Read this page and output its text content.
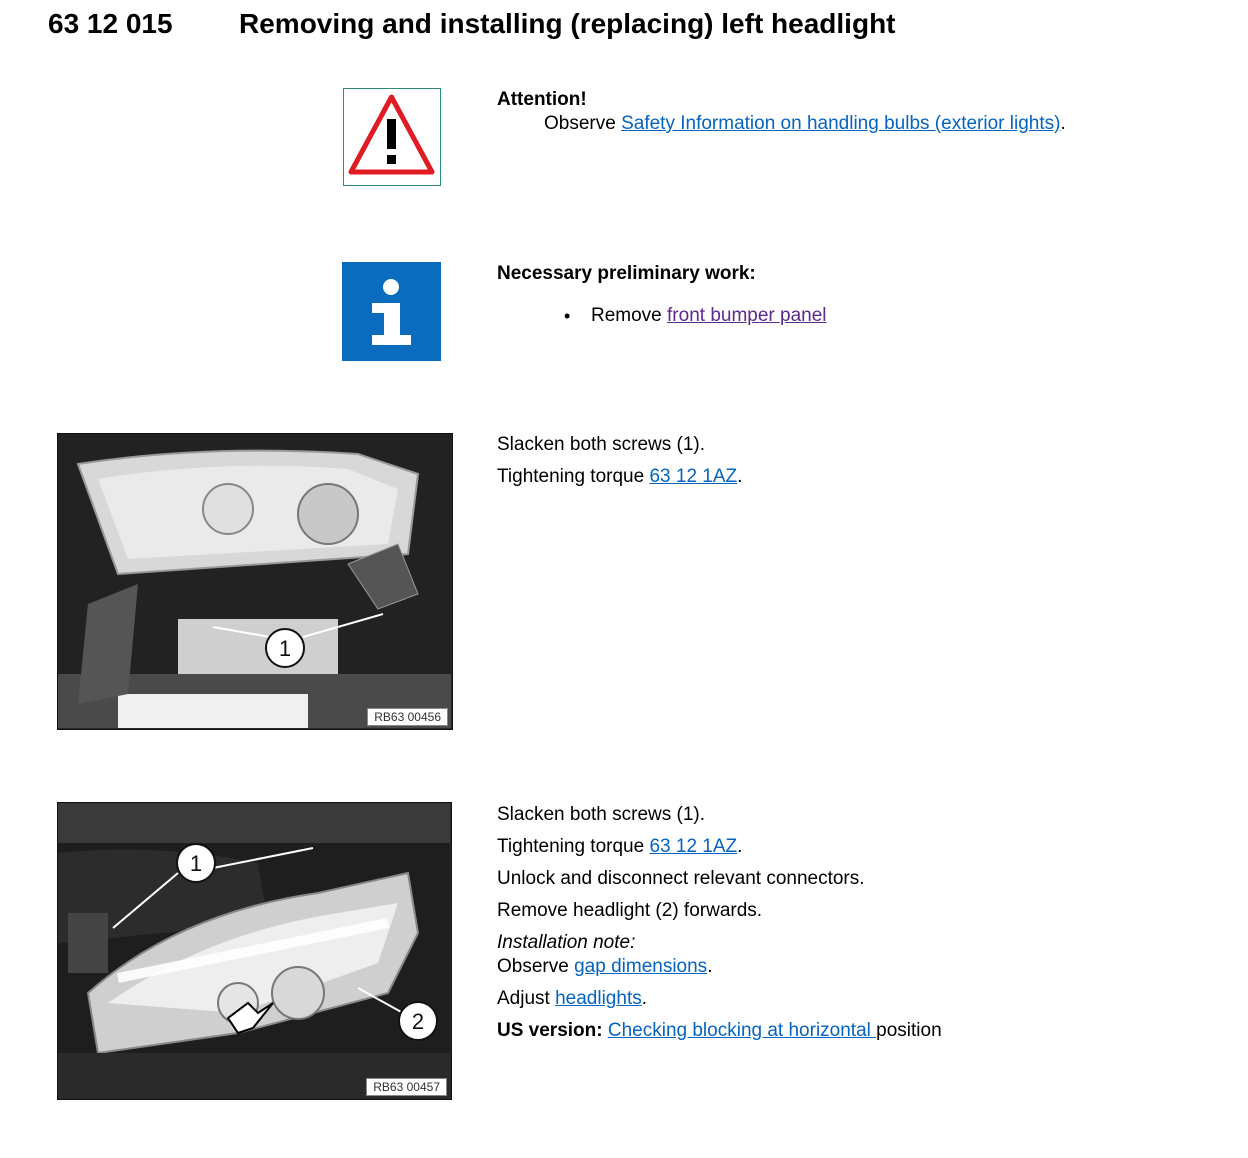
63 12 015 Removing and installing (replacing) left headlight
Attention!
Observe Safety Information on handling bulbs (exterior lights).
Necessary preliminary work:
• Remove front bumper panel
1
RB63 00456
Slacken both screws (1).
Tightening torque 63 12 1AZ.
1
2
RB63 00457
Slacken both screws (1).
Tightening torque 63 12 1AZ.
Unlock and disconnect relevant connectors.
Remove headlight (2) forwards.
Installation note:
Observe gap dimensions.
Adjust headlights.
US version: Checking blocking at horizontal position
